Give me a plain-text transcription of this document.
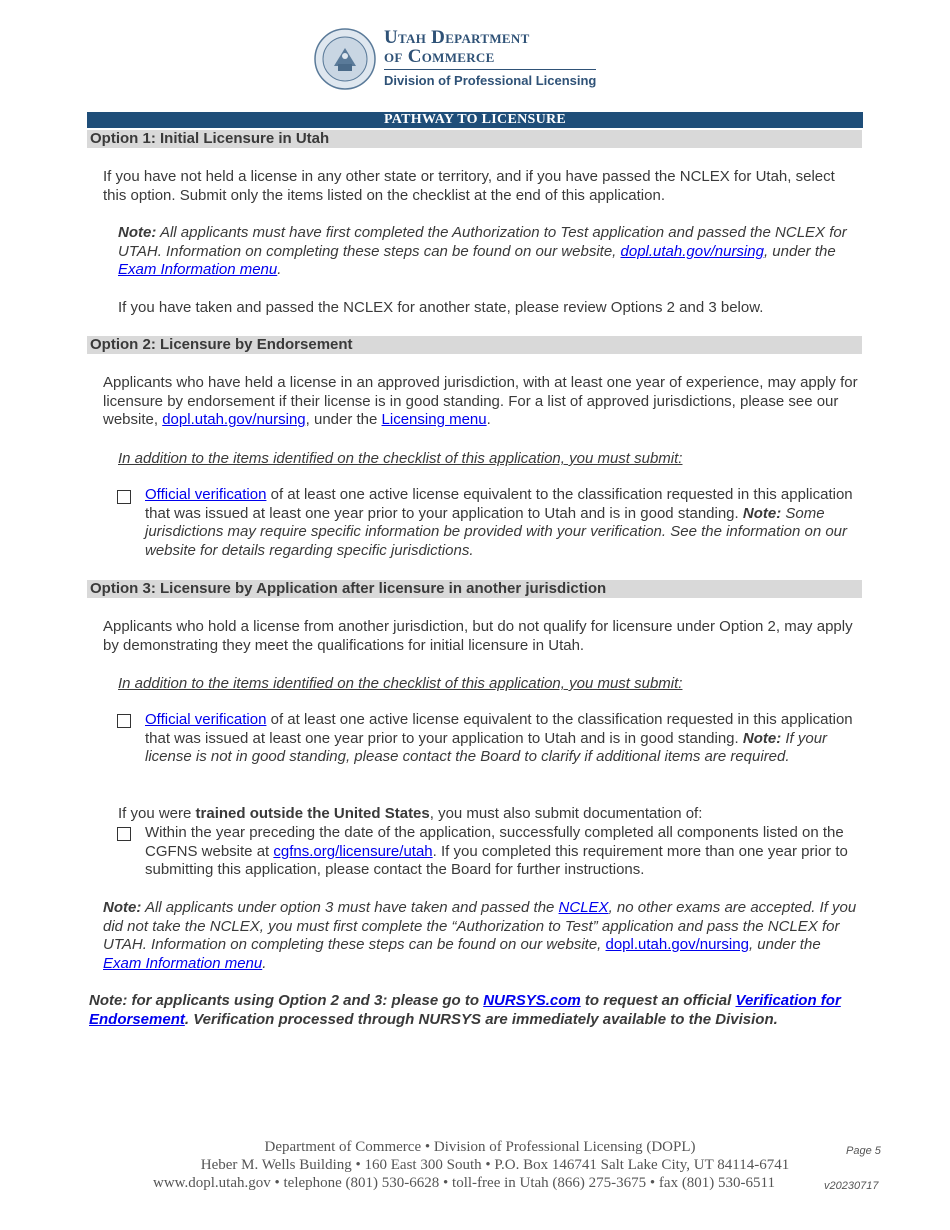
Utah Department
of Commerce
Division of Professional Licensing
PATHWAY TO LICENSURE
Option 1: Initial Licensure in Utah
If you have not held a license in any other state or territory, and if you have passed the NCLEX for Utah, select this option. Submit only the items listed on the checklist at the end of this application.
Note: All applicants must have first completed the Authorization to Test application and passed the NCLEX for UTAH. Information on completing these steps can be found on our website, dopl.utah.gov/nursing, under the Exam Information menu.
If you have taken and passed the NCLEX for another state, please review Options 2 and 3 below.
Option 2: Licensure by Endorsement
Applicants who have held a license in an approved jurisdiction, with at least one year of experience, may apply for licensure by endorsement if their license is in good standing. For a list of approved jurisdictions, please see our website, dopl.utah.gov/nursing, under the Licensing menu.
In addition to the items identified on the checklist of this application, you must submit:
Official verification of at least one active license equivalent to the classification requested in this application that was issued at least one year prior to your application to Utah and is in good standing. Note: Some jurisdictions may require specific information be provided with your verification. See the information on our website for details regarding specific jurisdictions.
Option 3: Licensure by Application after licensure in another jurisdiction
Applicants who hold a license from another jurisdiction, but do not qualify for licensure under Option 2, may apply by demonstrating they meet the qualifications for initial licensure in Utah.
In addition to the items identified on the checklist of this application, you must submit:
Official verification of at least one active license equivalent to the classification requested in this application that was issued at least one year prior to your application to Utah and is in good standing. Note: If your license is not in good standing, please contact the Board to clarify if additional items are required.
If you were trained outside the United States, you must also submit documentation of:
Within the year preceding the date of the application, successfully completed all components listed on the CGFNS website at cgfns.org/licensure/utah. If you completed this requirement more than one year prior to submitting this application, please contact the Board for further instructions.
Note: All applicants under option 3 must have taken and passed the NCLEX, no other exams are accepted. If you did not take the NCLEX, you must first complete the “Authorization to Test” application and pass the NCLEX for UTAH. Information on completing these steps can be found on our website, dopl.utah.gov/nursing, under the Exam Information menu.
Note: for applicants using Option 2 and 3: please go to NURSYS.com to request an official Verification for Endorsement. Verification processed through NURSYS are immediately available to the Division.
Department of Commerce • Division of Professional Licensing (DOPL)
Heber M. Wells Building • 160 East 300 South • P.O. Box 146741 Salt Lake City, UT 84114-6741
www.dopl.utah.gov • telephone (801) 530-6628 • toll-free in Utah (866) 275-3675 • fax (801) 530-6511
Page 5
v20230717
